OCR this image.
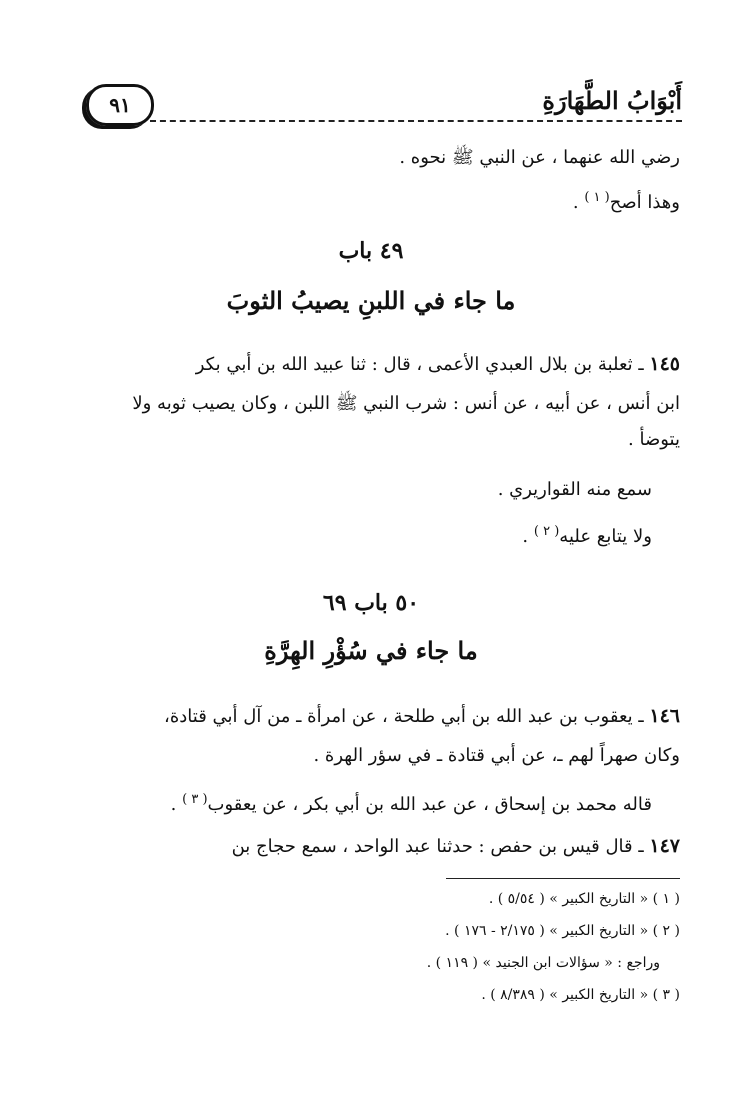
أَبْوَابُ الطَّهَارَةِ
٩١
رضي الله عنهما ، عن النبي ﷺ نحوه .
وهذا أصح$^{( ١ )}$ .
٤٩ باب
ما جاء في اللبنِ يصيبُ الثوبَ
١٤٥ ـ ثعلبة بن بلال العبدي الأعمى ، قال : ثنا عبيد الله بن أبي بكر
ابن أنس ، عن أبيه ، عن أنس : شرب النبي ﷺ اللبن ، وكان يصيب ثوبه ولا
يتوضأ .
سمع منه القواريري .
ولا يتابع عليه$^{( ٢ )}$ .
٥٠ باب ٦٩
ما جاء في سُؤْرِ الهِرَّةِ
١٤٦ ـ يعقوب بن عبد الله بن أبي طلحة ، عن امرأة ـ من آل أبي قتادة،
وكان صهراً لهم ـ، عن أبي قتادة ـ في سؤر الهرة .
قاله محمد بن إسحاق ، عن عبد الله بن أبي بكر ، عن يعقوب$^{( ٣ )}$ .
١٤٧ ـ قال قيس بن حفص : حدثنا عبد الواحد ، سمع حجاج بن
( ١ ) « التاريخ الكبير » ( ٥/٥٤ ) .
( ٢ ) « التاريخ الكبير » ( ٢/١٧٥ - ١٧٦ ) .
وراجع : « سؤالات ابن الجنيد » ( ١١٩ ) .
( ٣ ) « التاريخ الكبير » ( ٨/٣٨٩ ) .
